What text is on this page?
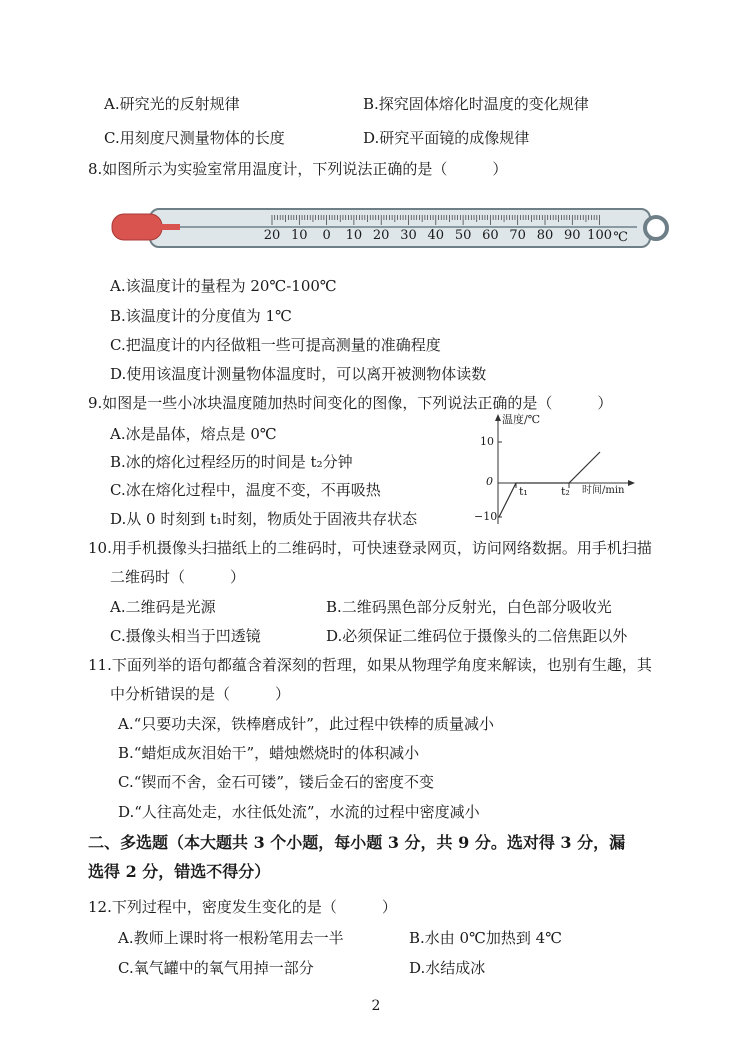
A.研究光的反射规律	B.探究固体熔化时温度的变化规律
C.用刻度尺测量物体的长度	D.研究平面镜的成像规律
8.如图所示为实验室常用温度计，下列说法正确的是（　　　）
20 10	0	10 20 30 40 50 60 70 80 90 100 ℃
A.该温度计的量程为 20℃-100℃
B.该温度计的分度值为 1℃
C.把温度计的内径做粗一些可提高测量的准确程度
D.使用该温度计测量物体温度时，可以离开被测物体读数
9.如图是一些小冰块温度随加热时间变化的图像，下列说法正确的是（　　　）
A.冰是晶体，熔点是 0℃
B.冰的熔化过程经历的时间是 t₂分钟
C.冰在熔化过程中，温度不变，不再吸热
D.从 0 时刻到 t₁时刻，物质处于固液共存状态
温度/℃
时间/min
10
0
−10
t₁	t₂
10.用手机摄像头扫描纸上的二维码时，可快速登录网页，访问网络数据。用手机扫描
二维码时（　　　）
A.二维码是光源	B.二维码黑色部分反射光，白色部分吸收光
C.摄像头相当于凹透镜	D.必须保证二维码位于摄像头的二倍焦距以外
11.下面列举的语句都蕴含着深刻的哲理，如果从物理学角度来解读，也别有生趣，其
中分析错误的是（　　　）
A.“只要功夫深，铁棒磨成针”，此过程中铁棒的质量减小
B.“蜡炬成灰泪始干”，蜡烛燃烧时的体积减小
C.“锲而不舍，金石可镂”，镂后金石的密度不变
D.“人往高处走，水往低处流”，水流的过程中密度减小
二、多选题（本大题共 3 个小题，每小题 3 分，共 9 分。选对得 3 分，漏
选得 2 分，错选不得分）
12.下列过程中，密度发生变化的是（　　　）
A.教师上课时将一根粉笔用去一半	B.水由 0℃加热到 4℃
C.氧气罐中的氧气用掉一部分	D.水结成冰
2
